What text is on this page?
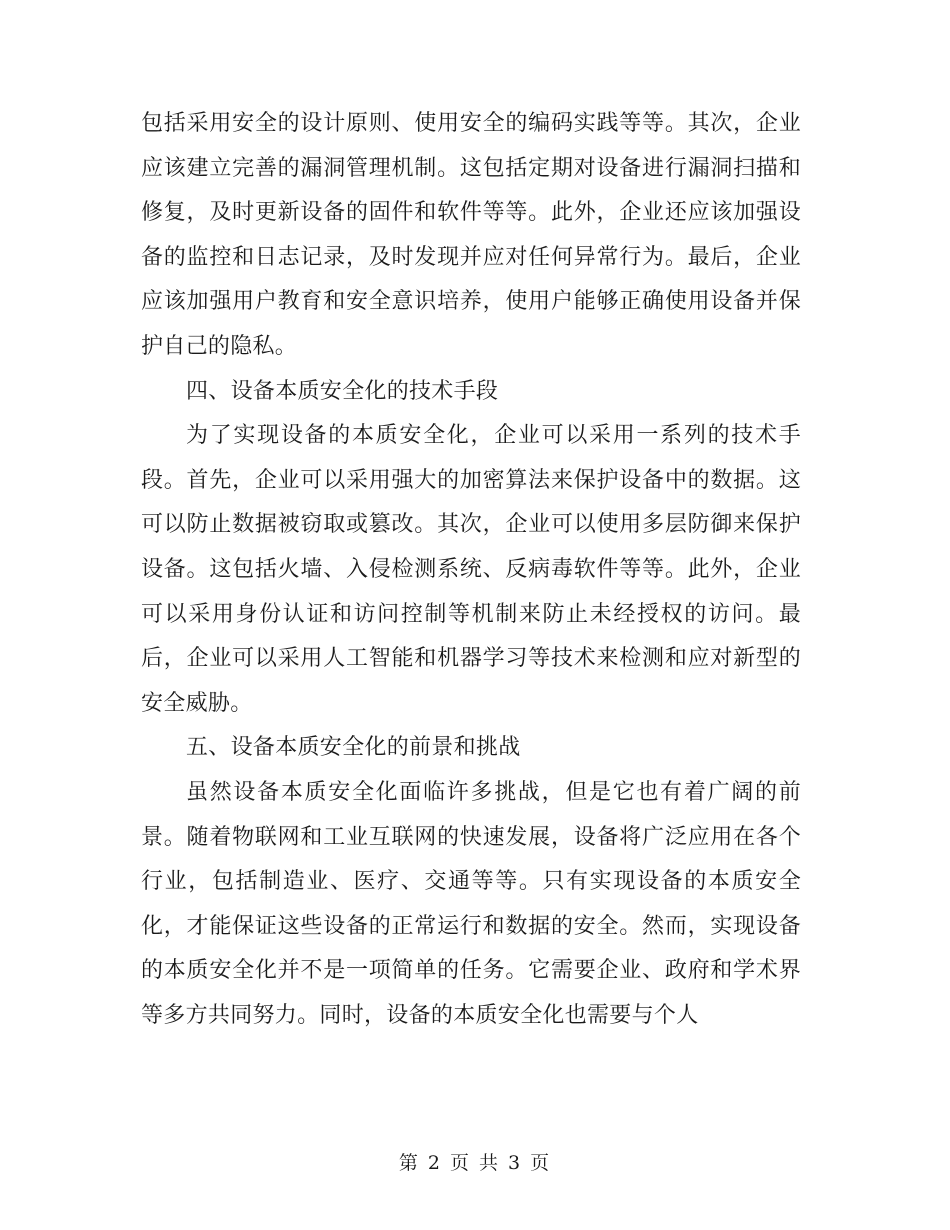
包括采用安全的设计原则、使用安全的编码实践等等。其次，企业应该建立完善的漏洞管理机制。这包括定期对设备进行漏洞扫描和修复，及时更新设备的固件和软件等等。此外，企业还应该加强设备的监控和日志记录，及时发现并应对任何异常行为。最后，企业应该加强用户教育和安全意识培养，使用户能够正确使用设备并保护自己的隐私。

四、设备本质安全化的技术手段

为了实现设备的本质安全化，企业可以采用一系列的技术手段。首先，企业可以采用强大的加密算法来保护设备中的数据。这可以防止数据被窃取或篡改。其次，企业可以使用多层防御来保护设备。这包括火墙、入侵检测系统、反病毒软件等等。此外，企业可以采用身份认证和访问控制等机制来防止未经授权的访问。最后，企业可以采用人工智能和机器学习等技术来检测和应对新型的安全威胁。

五、设备本质安全化的前景和挑战

虽然设备本质安全化面临许多挑战，但是它也有着广阔的前景。随着物联网和工业互联网的快速发展，设备将广泛应用在各个行业，包括制造业、医疗、交通等等。只有实现设备的本质安全化，才能保证这些设备的正常运行和数据的安全。然而，实现设备的本质安全化并不是一项简单的任务。它需要企业、政府和学术界等多方共同努力。同时，设备的本质安全化也需要与个人

第 2 页 共 3 页
